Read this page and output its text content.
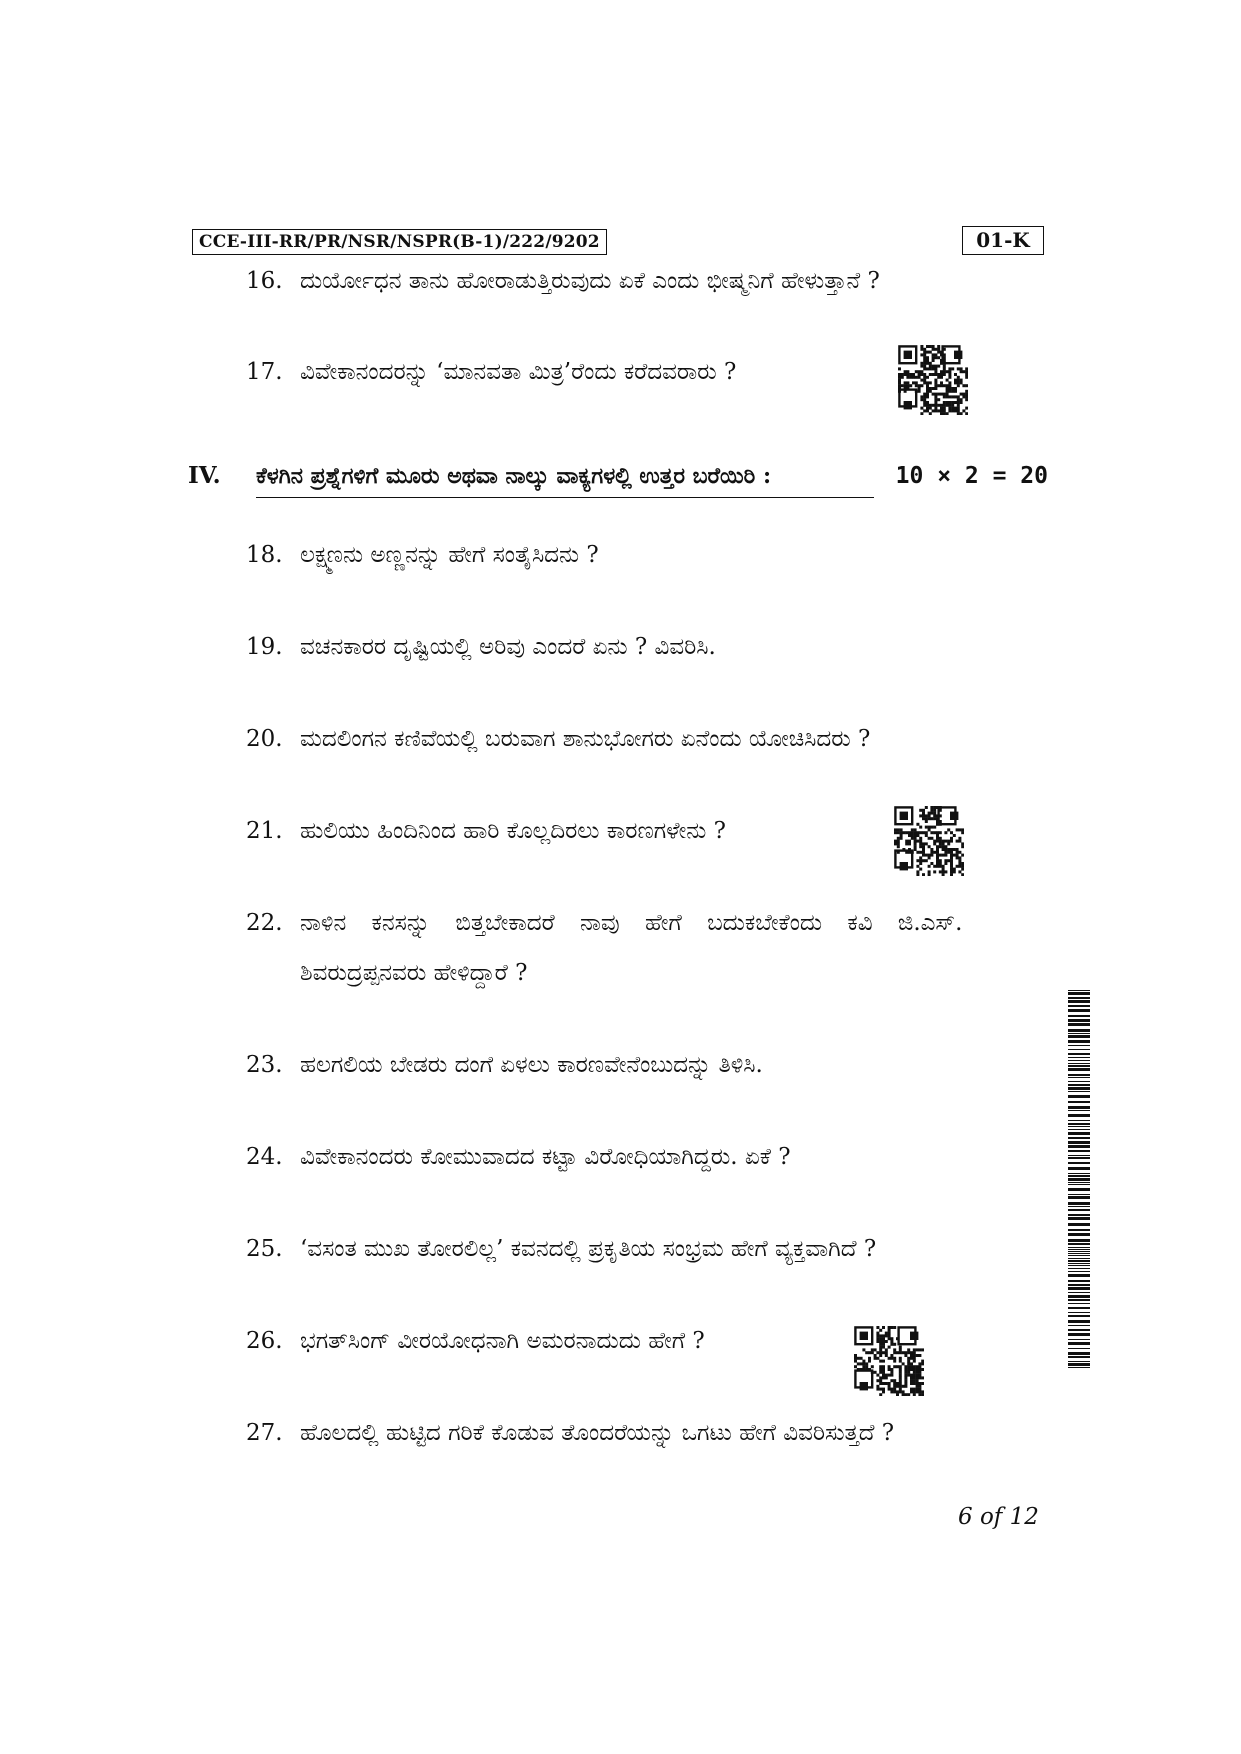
CCE-III-RR/PR/NSR/NSPR(B-1)/222/9202	01-K
16. ದುರ್ಯೋಧನ ತಾನು ಹೋರಾಡುತ್ತಿರುವುದು ಏಕೆ ಎಂದು ಭೀಷ್ಮನಿಗೆ ಹೇಳುತ್ತಾನೆ ?
17. ವಿವೇಕಾನಂದರನ್ನು ‘ಮಾನವತಾ ಮಿತ್ರ’ರೆಂದು ಕರೆದವರಾರು ?
IV. ಕೆಳಗಿನ ಪ್ರಶ್ನೆಗಳಿಗೆ ಮೂರು ಅಥವಾ ನಾಲ್ಕು ವಾಕ್ಯಗಳಲ್ಲಿ ಉತ್ತರ ಬರೆಯಿರಿ :	10 × 2 = 20
18. ಲಕ್ಷ್ಮಣನು ಅಣ್ಣನನ್ನು ಹೇಗೆ ಸಂತೈಸಿದನು ?
19. ವಚನಕಾರರ ದೃಷ್ಟಿಯಲ್ಲಿ ಅರಿವು ಎಂದರೆ ಏನು ? ವಿವರಿಸಿ.
20. ಮದಲಿಂಗನ ಕಣಿವೆಯಲ್ಲಿ ಬರುವಾಗ ಶಾನುಭೋಗರು ಏನೆಂದು ಯೋಚಿಸಿದರು ?
21. ಹುಲಿಯು ಹಿಂದಿನಿಂದ ಹಾರಿ ಕೊಲ್ಲದಿರಲು ಕಾರಣಗಳೇನು ?
22. ನಾಳಿನ ಕನಸನ್ನು ಬಿತ್ತಬೇಕಾದರೆ ನಾವು ಹೇಗೆ ಬದುಕಬೇಕೆಂದು ಕವಿ ಜಿ.ಎಸ್.
ಶಿವರುದ್ರಪ್ಪನವರು ಹೇಳಿದ್ದಾರೆ ?
23. ಹಲಗಲಿಯ ಬೇಡರು ದಂಗೆ ಏಳಲು ಕಾರಣವೇನೆಂಬುದನ್ನು ತಿಳಿಸಿ.
24. ವಿವೇಕಾನಂದರು ಕೋಮುವಾದದ ಕಟ್ಟಾ ವಿರೋಧಿಯಾಗಿದ್ದರು. ಏಕೆ ?
25. ‘ವಸಂತ ಮುಖ ತೋರಲಿಲ್ಲ’ ಕವನದಲ್ಲಿ ಪ್ರಕೃತಿಯ ಸಂಭ್ರಮ ಹೇಗೆ ವ್ಯಕ್ತವಾಗಿದೆ ?
26. ಭಗತ್‌ಸಿಂಗ್ ವೀರಯೋಧನಾಗಿ ಅಮರನಾದುದು ಹೇಗೆ ?
27. ಹೊಲದಲ್ಲಿ ಹುಟ್ಟಿದ ಗರಿಕೆ ಕೊಡುವ ತೊಂದರೆಯನ್ನು ಒಗಟು ಹೇಗೆ ವಿವರಿಸುತ್ತದೆ ?
6 of 12
